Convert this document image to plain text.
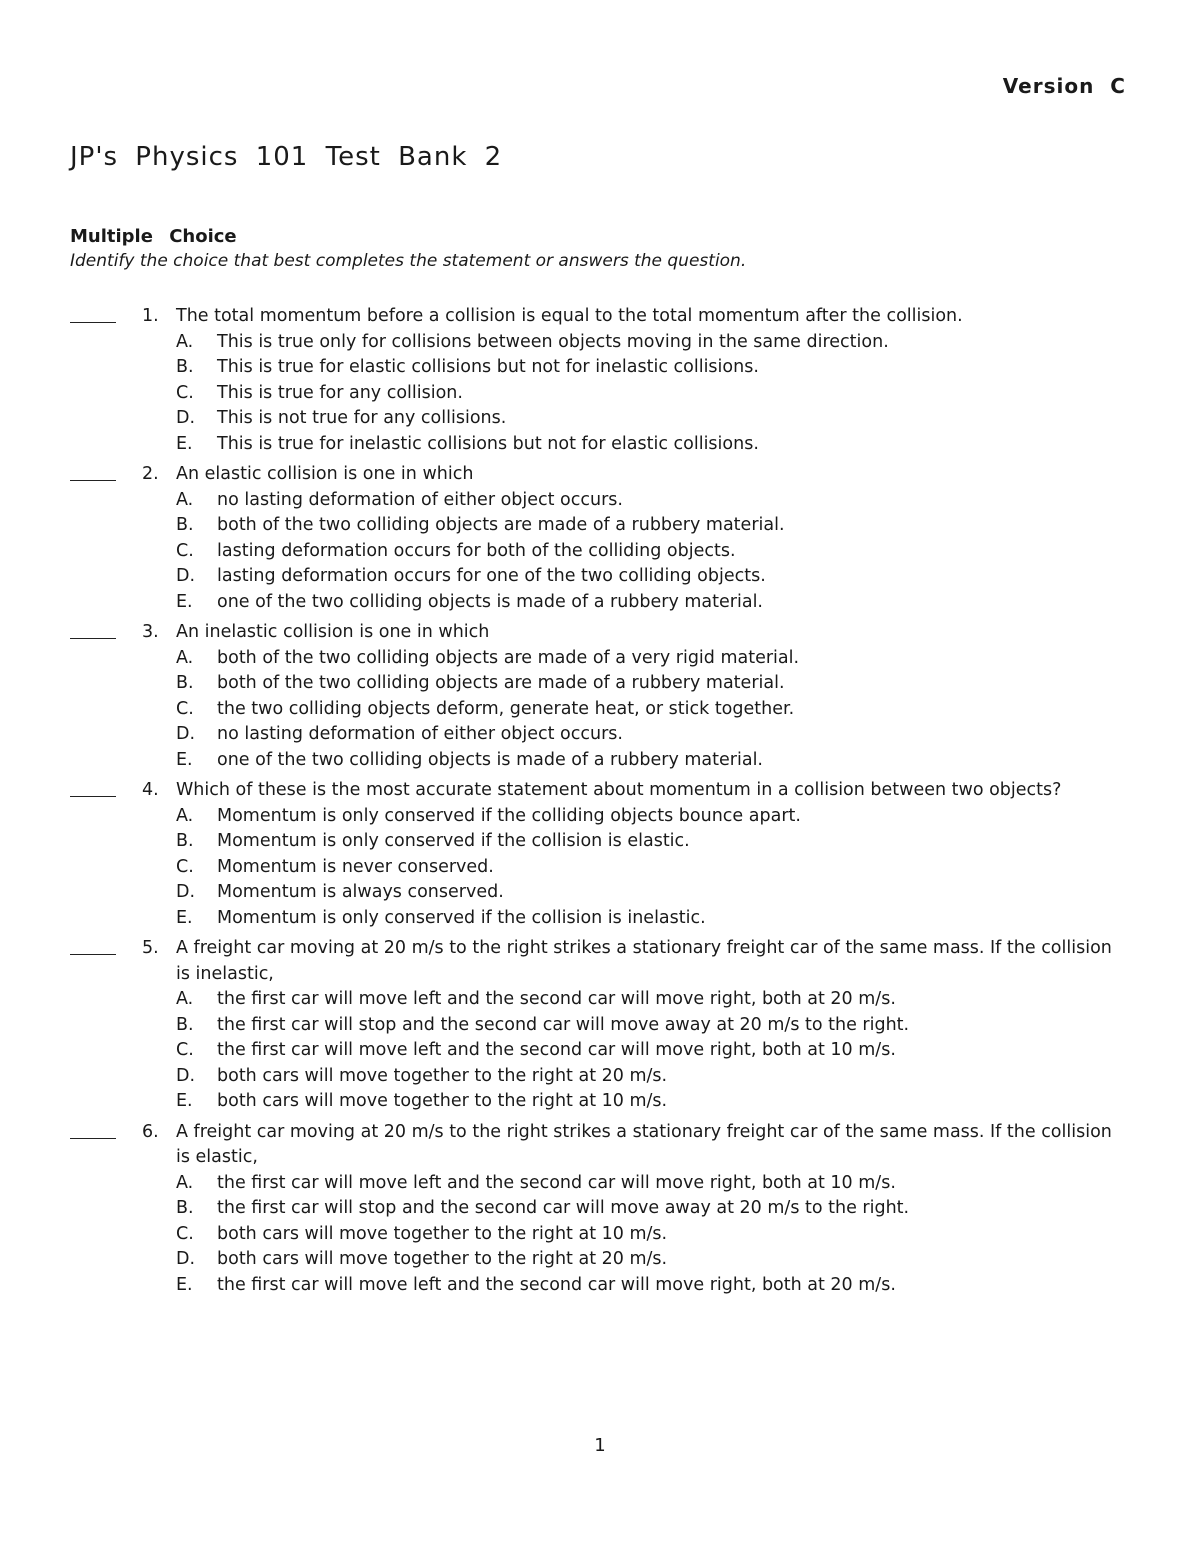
Version C
JP's Physics 101 Test Bank 2
Multiple Choice

Identify the choice that best completes the statement or answers the question.

1. The total momentum before a collision is equal to the total momentum after the collision.
A. This is true only for collisions between objects moving in the same direction.
B. This is true for elastic collisions but not for inelastic collisions.
C. This is true for any collision.
D. This is not true for any collisions.
E. This is true for inelastic collisions but not for elastic collisions.
2. An elastic collision is one in which
A. no lasting deformation of either object occurs.
B. both of the two colliding objects are made of a rubbery material.
C. lasting deformation occurs for both of the colliding objects.
D. lasting deformation occurs for one of the two colliding objects.
E. one of the two colliding objects is made of a rubbery material.
3. An inelastic collision is one in which
A. both of the two colliding objects are made of a very rigid material.
B. both of the two colliding objects are made of a rubbery material.
C. the two colliding objects deform, generate heat, or stick together.
D. no lasting deformation of either object occurs.
E. one of the two colliding objects is made of a rubbery material.
4. Which of these is the most accurate statement about momentum in a collision between two objects?
A. Momentum is only conserved if the colliding objects bounce apart.
B. Momentum is only conserved if the collision is elastic.
C. Momentum is never conserved.
D. Momentum is always conserved.
E. Momentum is only conserved if the collision is inelastic.
5. A freight car moving at 20 m/s to the right strikes a stationary freight car of the same mass. If the collision is inelastic,
A. the first car will move left and the second car will move right, both at 20 m/s.
B. the first car will stop and the second car will move away at 20 m/s to the right.
C. the first car will move left and the second car will move right, both at 10 m/s.
D. both cars will move together to the right at 20 m/s.
E. both cars will move together to the right at 10 m/s.
6. A freight car moving at 20 m/s to the right strikes a stationary freight car of the same mass. If the collision is elastic,
A. the first car will move left and the second car will move right, both at 10 m/s.
B. the first car will stop and the second car will move away at 20 m/s to the right.
C. both cars will move together to the right at 10 m/s.
D. both cars will move together to the right at 20 m/s.
E. the first car will move left and the second car will move right, both at 20 m/s.
1
